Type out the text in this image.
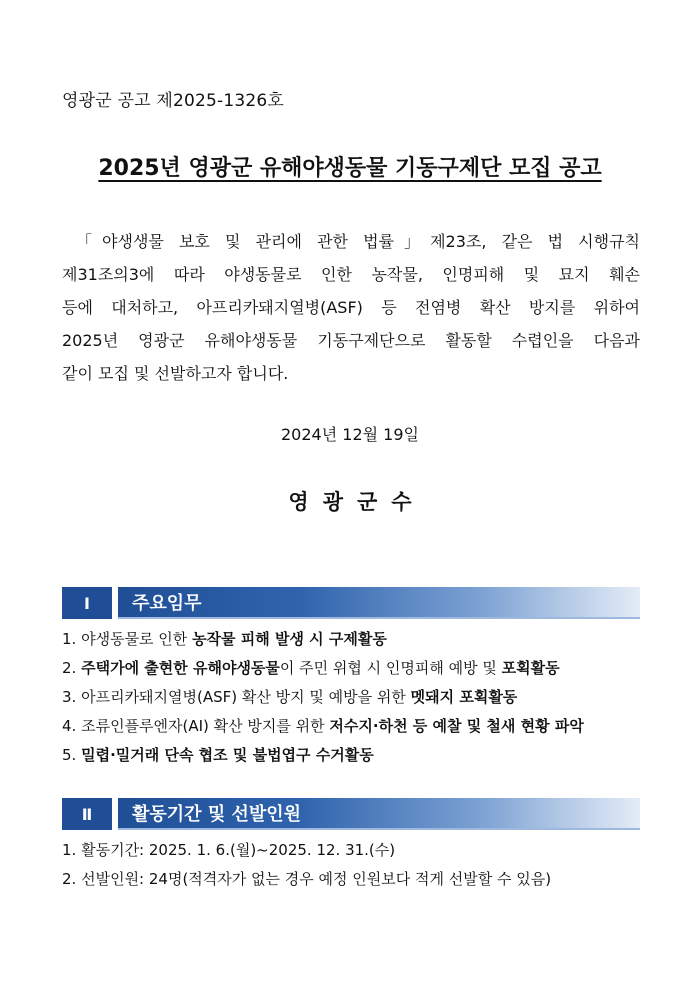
영광군 공고 제2025-1326호
2025년 영광군 유해야생동물 기동구제단 모집 공고
「야생생물 보호 및 관리에 관한 법률」제23조, 같은 법 시행규칙
제31조의3에 따라 야생동물로 인한 농작물, 인명피해 및 묘지 훼손
등에 대처하고, 아프리카돼지열병(ASF) 등 전염병 확산 방지를 위하여
2025년 영광군 유해야생동물 기동구제단으로 활동할 수렵인을 다음과
같이 모집 및 선발하고자 합니다.
2024년 12월 19일
영광군수
Ⅰ	주요임무
1. 야생동물로 인한 농작물 피해 발생 시 구제활동
2. 주택가에 출현한 유해야생동물이 주민 위협 시 인명피해 예방 및 포획활동
3. 아프리카돼지열병(ASF) 확산 방지 및 예방을 위한 멧돼지 포획활동
4. 조류인플루엔자(AI) 확산 방지를 위한 저수지·하천 등 예찰 및 철새 현황 파악
5. 밀렵·밀거래 단속 협조 및 불법엽구 수거활동
Ⅱ	활동기간 및 선발인원
1. 활동기간: 2025. 1. 6.(월)~2025. 12. 31.(수)
2. 선발인원: 24명(적격자가 없는 경우 예정 인원보다 적게 선발할 수 있음)
